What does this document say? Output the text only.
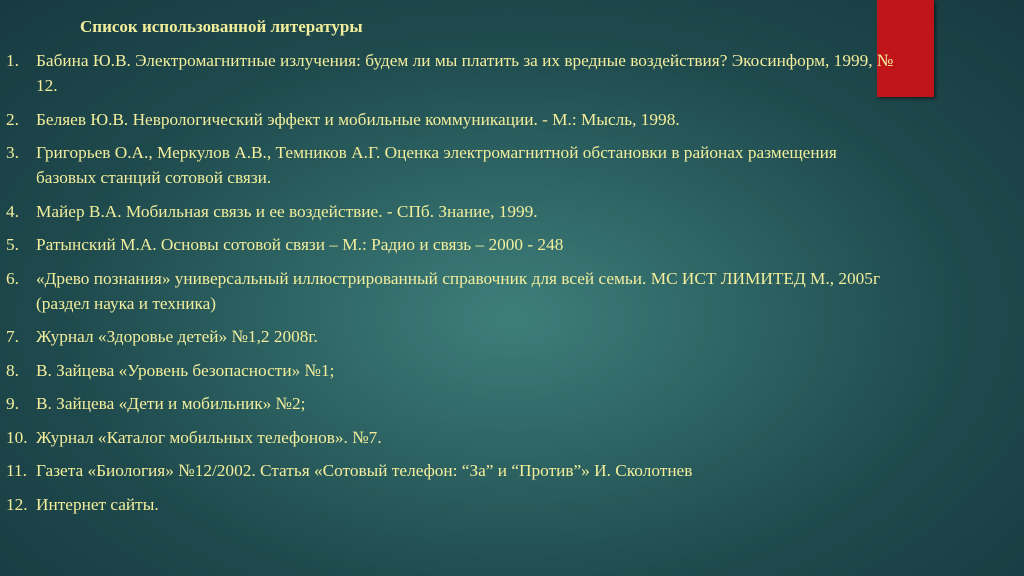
Список использованной литературы
1. Бабина Ю.В. Электромагнитные излучения: будем ли мы платить за их вредные воздействия? Экосинформ, 1999, № 12.
2. Беляев Ю.В. Неврологический эффект и мобильные коммуникации. - М.: Мысль, 1998.
3. Григорьев О.А., Меркулов А.В., Темников А.Г. Оценка электромагнитной обстановки в районах размещения базовых станций сотовой связи.
4. Майер В.А. Мобильная связь и ее воздействие. - СПб. Знание, 1999.
5. Ратынский М.А. Основы сотовой связи – М.: Радио и связь – 2000 - 248
6. «Древо познания» универсальный иллюстрированный справочник для всей семьи. МС ИСТ ЛИМИТЕД М., 2005г (раздел наука и техника)
7. Журнал «Здоровье детей» №1,2 2008г.
8. В. Зайцева «Уровень безопасности» №1;
9. В. Зайцева «Дети и мобильник» №2;
10. Журнал «Каталог мобильных телефонов». №7.
11. Газета «Биология» №12/2002. Статья «Сотовый телефон: “За” и “Против”» И. Сколотнев
12. Интернет сайты.
